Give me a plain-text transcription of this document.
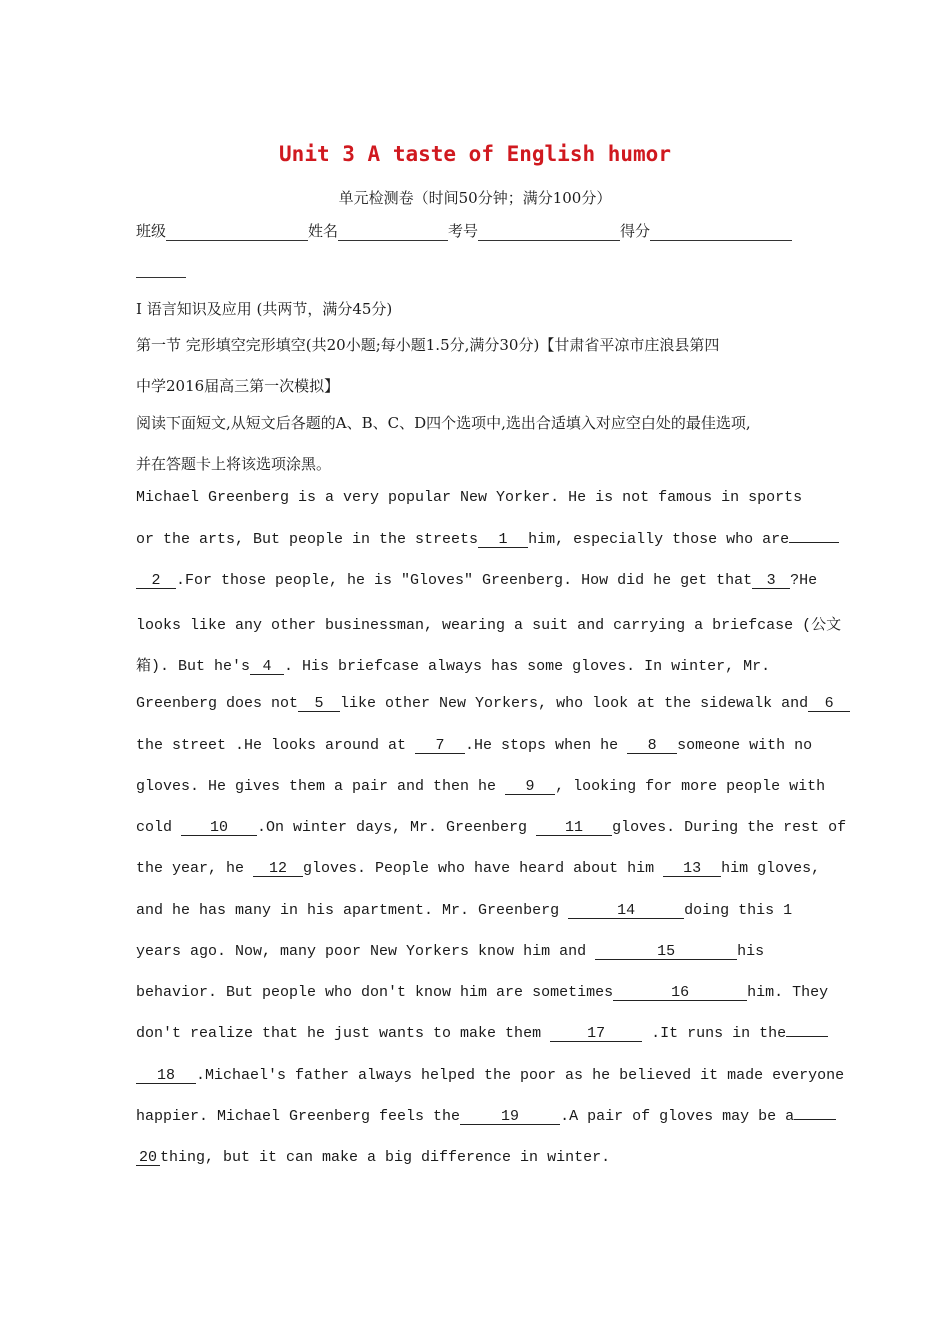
Unit 3 A taste of English humor
单元检测卷（时间50分钟；满分100分）
班级	姓名	考号	得分
I 语言知识及应用 (共两节，满分45分)
第一节 完形填空完形填空(共20小题;每小题1.5分,满分30分)【甘肃省平凉市庄浪县第四
中学2016届高三第一次模拟】
阅读下面短文,从短文后各题的A、B、C、D四个选项中,选出合适填入对应空白处的最佳选项,
并在答题卡上将该选项涂黑。
Michael Greenberg is a very popular New Yorker. He is not famous in sports
or the arts, But people in the streets 1 him, especially those who are
2 .For those people, he is "Gloves" Greenberg. How did he get that 3 ?He
looks like any other businessman, wearing a suit and carrying a briefcase (公文
箱). But he's 4 . His briefcase always has some gloves. In winter, Mr.
Greenberg does not 5 like other New Yorkers, who look at the sidewalk and 6
the street .He looks around at 7 .He stops when he 8 someone with no
gloves. He gives them a pair and then he 9 , looking for more people with
cold 10 .On winter days, Mr. Greenberg 11 gloves. During the rest of
the year, he 12 gloves. People who have heard about him 13 him gloves,
and he has many in his apartment. Mr. Greenberg	14	doing this 1
years ago. Now, many poor New Yorkers know him and	15	his
behavior. But people who don't know him are sometimes	16	him. They
don't realize that he just wants to make them 17 .It runs in the
18 .Michael's father always helped the poor as he believed it made everyone
happier. Michael Greenberg feels the	19	.A pair of gloves may be a
20 thing, but it can make a big difference in winter.
